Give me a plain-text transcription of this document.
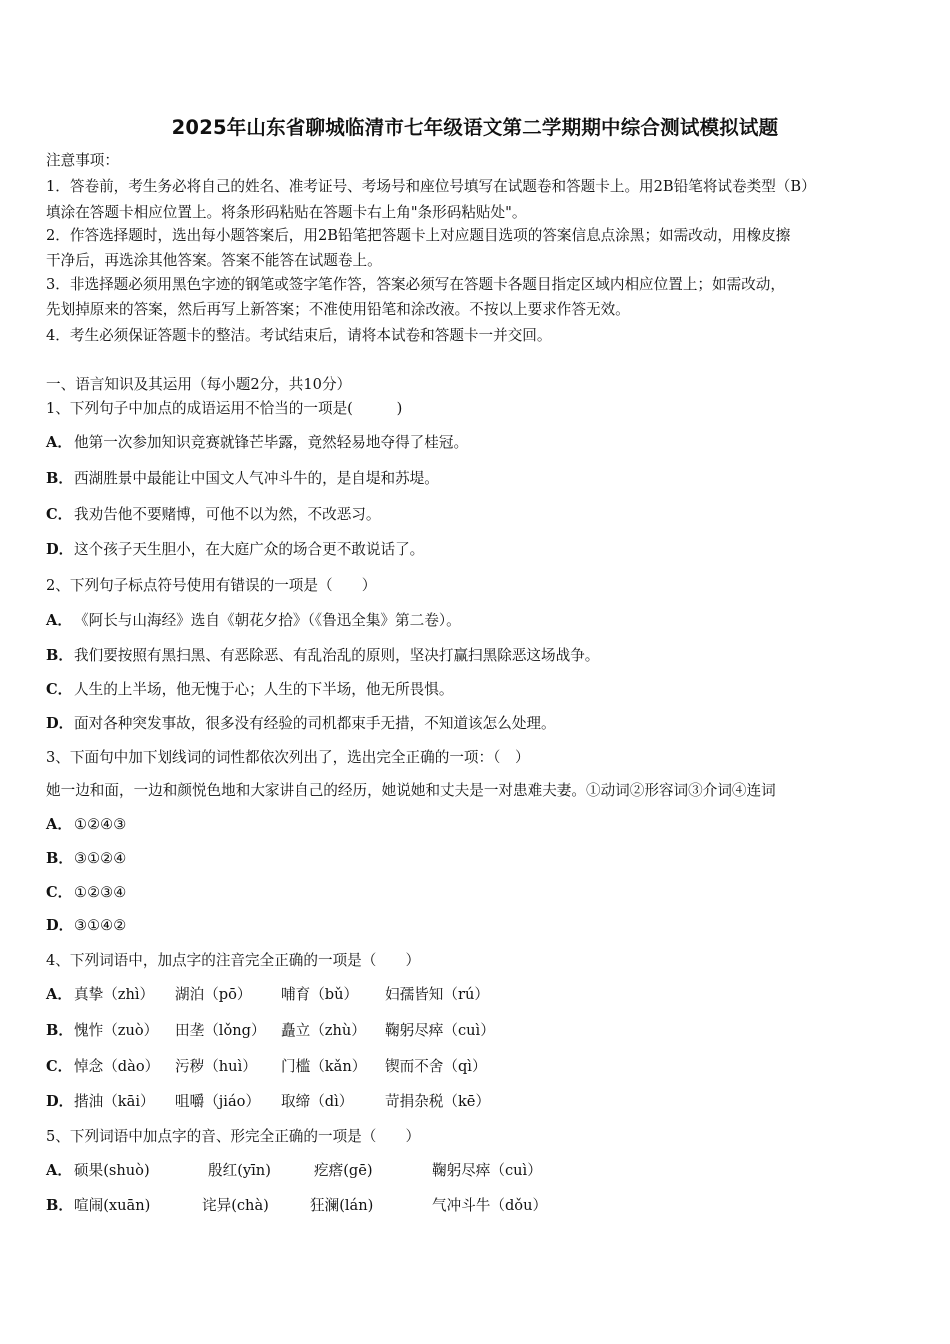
2025年山东省聊城临清市七年级语文第二学期期中综合测试模拟试题
注意事项：
1．答卷前，考生务必将自己的姓名、准考证号、考场号和座位号填写在试题卷和答题卡上。用2B铅笔将试卷类型（B）
填涂在答题卡相应位置上。将条形码粘贴在答题卡右上角"条形码粘贴处"。
2．作答选择题时，选出每小题答案后，用2B铅笔把答题卡上对应题目选项的答案信息点涂黑；如需改动，用橡皮擦
干净后，再选涂其他答案。答案不能答在试题卷上。
3．非选择题必须用黑色字迹的钢笔或签字笔作答，答案必须写在答题卡各题目指定区域内相应位置上；如需改动，
先划掉原来的答案，然后再写上新答案；不准使用铅笔和涂改液。不按以上要求作答无效。
4．考生必须保证答题卡的整洁。考试结束后，请将本试卷和答题卡一并交回。
一、语言知识及其运用（每小题2分，共10分）
1、下列句子中加点的成语运用不恰当的一项是(　　　)
A． 他第一次参加知识竞赛就锋芒毕露，竟然轻易地夺得了桂冠。
B．西湖胜景中最能让中国文人气冲斗牛的，是自堤和苏堤。
C． 我劝告他不要赌博，可他不以为然，不改恶习。
D．这个孩子天生胆小，在大庭广众的场合更不敢说话了。
2、下列句子标点符号使用有错误的一项是（　　）
A． 《阿长与山海经》选自《朝花夕拾》（《鲁迅全集》第二卷）。
B．我们要按照有黑扫黑、有恶除恶、有乱治乱的原则，坚决打赢扫黑除恶这场战争。
C． 人生的上半场，他无愧于心；人生的下半场，他无所畏惧。
D．面对各种突发事故，很多没有经验的司机都束手无措，不知道该怎么处理。
3、下面句中加下划线词的词性都依次列出了，选出完全正确的一项：（　）
她一边和面，一边和颜悦色地和大家讲自己的经历，她说她和丈夫是一对患难夫妻。①动词②形容词③介词④连词
A． ①②④③
B．③①②④
C． ①②③④
D．③①④②
4、下列词语中，加点字的注音完全正确的一项是（　　）
A． 真挚（zhì） 湖泊（pō） 哺育（bǔ） 妇孺皆知（rú）
B．愧怍（zuò） 田垄（lǒng） 矗立（zhù） 鞠躬尽瘁（cuì）
C． 悼念（dào） 污秽（huì） 门槛（kǎn） 锲而不舍（qì）
D．揩油（kāi） 咀嚼（jiáo） 取缔（dì） 苛捐杂税（kē）
5、下列词语中加点字的音、形完全正确的一项是（　　）
A． 硕果(shuò)	殷红(yīn)	疙瘩(gē)	鞠躬尽瘁（cuì）
B．喧闹(xuān)	诧异(chà)	狂澜(lán)	气冲斗牛（dǒu）
